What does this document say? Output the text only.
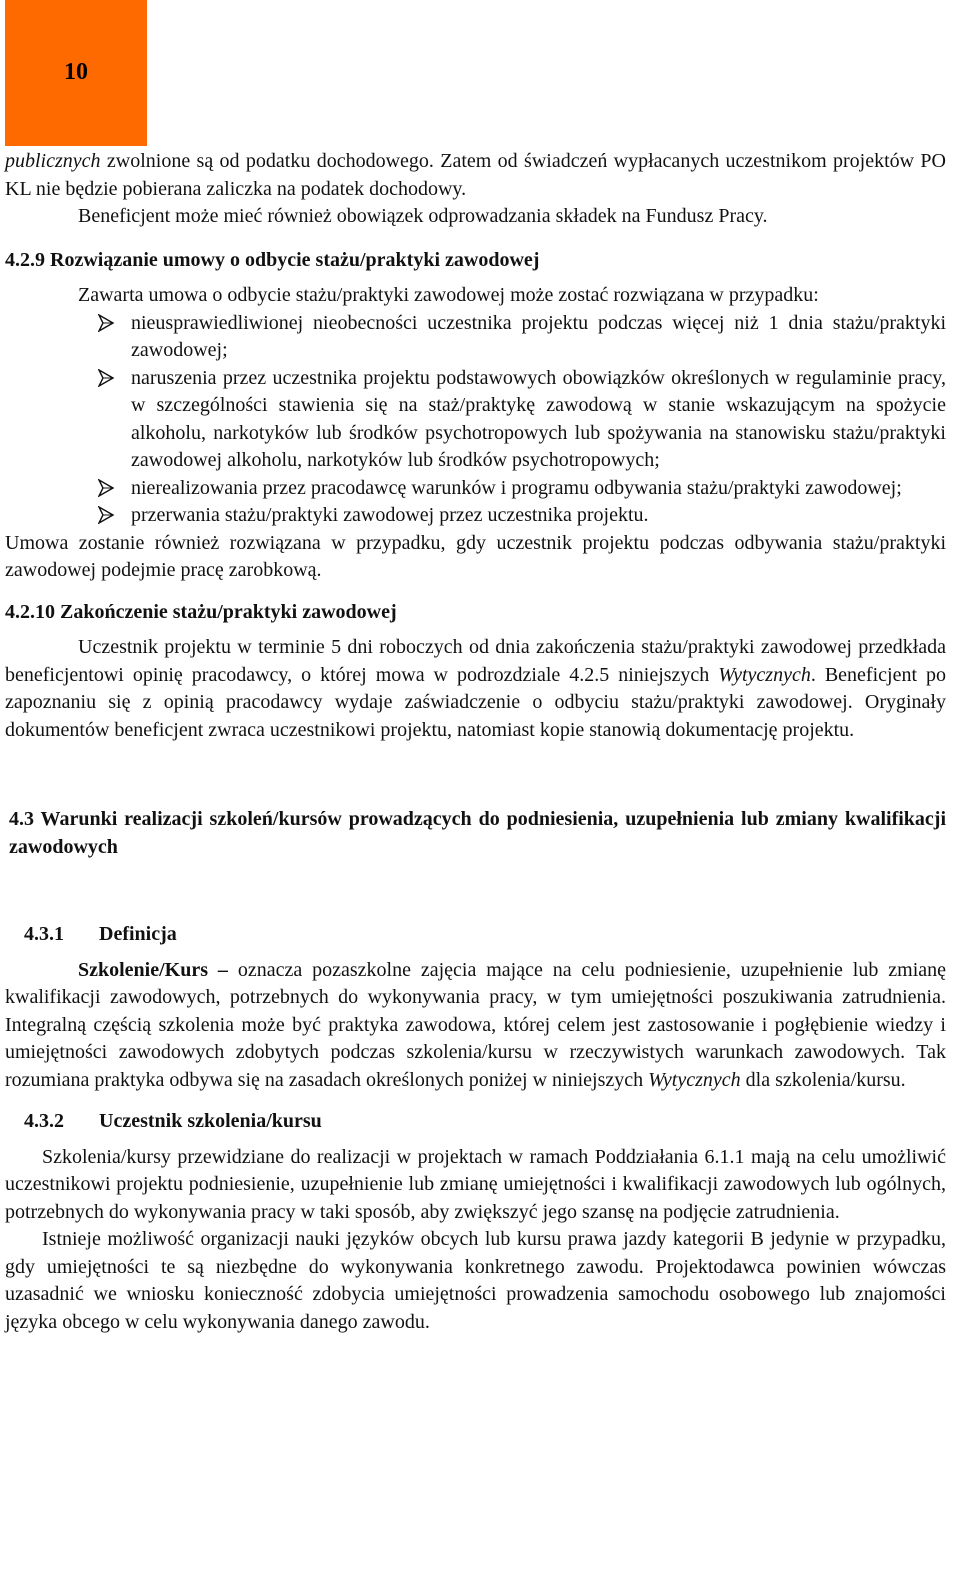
10

publicznych zwolnione są od podatku dochodowego. Zatem od świadczeń wypłacanych uczestnikom projektów PO KL nie będzie pobierana zaliczka na podatek dochodowy.

Beneficjent może mieć również obowiązek odprowadzania składek na Fundusz Pracy.

4.2.9 Rozwiązanie umowy o odbycie stażu/praktyki zawodowej

Zawarta umowa o odbycie stażu/praktyki zawodowej może zostać rozwiązana w przypadku:

nieusprawiedliwionej nieobecności uczestnika projektu podczas więcej niż 1 dnia stażu/praktyki zawodowej;
naruszenia przez uczestnika projektu podstawowych obowiązków określonych w regulaminie pracy, w szczególności stawienia się na staż/praktykę zawodową w stanie wskazującym na spożycie alkoholu, narkotyków lub środków psychotropowych lub spożywania na stanowisku stażu/praktyki zawodowej alkoholu, narkotyków lub środków psychotropowych;
nierealizowania przez pracodawcę warunków i programu odbywania stażu/praktyki zawodowej;
przerwania stażu/praktyki zawodowej przez uczestnika projektu.

Umowa zostanie również rozwiązana w przypadku, gdy uczestnik projektu podczas odbywania stażu/praktyki zawodowej podejmie pracę zarobkową.

4.2.10 Zakończenie stażu/praktyki zawodowej

Uczestnik projektu w terminie 5 dni roboczych od dnia zakończenia stażu/praktyki zawodowej przedkłada beneficjentowi opinię pracodawcy, o której mowa w podrozdziale 4.2.5 niniejszych Wytycznych. Beneficjent po zapoznaniu się z opinią pracodawcy wydaje zaświadczenie o odbyciu stażu/praktyki zawodowej. Oryginały dokumentów beneficjent zwraca uczestnikowi projektu, natomiast kopie stanowią dokumentację projektu.

4.3 Warunki realizacji szkoleń/kursów prowadzących do podniesienia, uzupełnienia lub zmiany kwalifikacji zawodowych

4.3.1 Definicja

Szkolenie/Kurs – oznacza pozaszkolne zajęcia mające na celu podniesienie, uzupełnienie lub zmianę kwalifikacji zawodowych, potrzebnych do wykonywania pracy, w tym umiejętności poszukiwania zatrudnienia. Integralną częścią szkolenia może być praktyka zawodowa, której celem jest zastosowanie i pogłębienie wiedzy i umiejętności zawodowych zdobytych podczas szkolenia/kursu w rzeczywistych warunkach zawodowych. Tak rozumiana praktyka odbywa się na zasadach określonych poniżej w niniejszych Wytycznych dla szkolenia/kursu.

4.3.2 Uczestnik szkolenia/kursu

Szkolenia/kursy przewidziane do realizacji w projektach w ramach Poddziałania 6.1.1 mają na celu umożliwić uczestnikowi projektu podniesienie, uzupełnienie lub zmianę umiejętności i kwalifikacji zawodowych lub ogólnych, potrzebnych do wykonywania pracy w taki sposób, aby zwiększyć jego szansę na podjęcie zatrudnienia.

Istnieje możliwość organizacji nauki języków obcych lub kursu prawa jazdy kategorii B jedynie w przypadku, gdy umiejętności te są niezbędne do wykonywania konkretnego zawodu. Projektodawca powinien wówczas uzasadnić we wniosku konieczność zdobycia umiejętności prowadzenia samochodu osobowego lub znajomości języka obcego w celu wykonywania danego zawodu.
